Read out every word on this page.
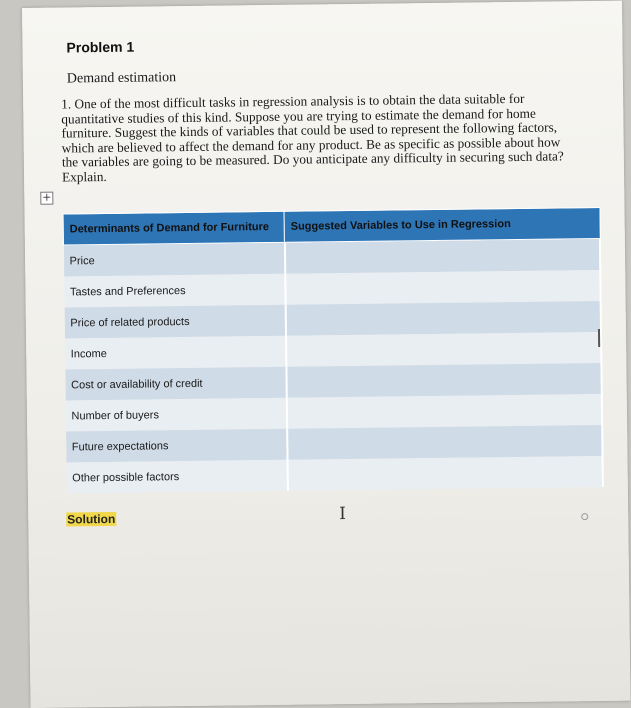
Problem 1
Demand estimation
1. One of the most difficult tasks in regression analysis is to obtain the data suitable for quantitative studies of this kind. Suppose you are trying to estimate the demand for home furniture. Suggest the kinds of variables that could be used to represent the following factors, which are believed to affect the demand for any product. Be as specific as possible about how the variables are going to be measured. Do you anticipate any difficulty in securing such data? Explain.
+
Determinants of Demand for Furniture	Suggested Variables to Use in Regression
Price	
Tastes and Preferences	
Price of related products	
Income	
Cost or availability of credit	
Number of buyers	
Future expectations	
Other possible factors	
Solution	I
